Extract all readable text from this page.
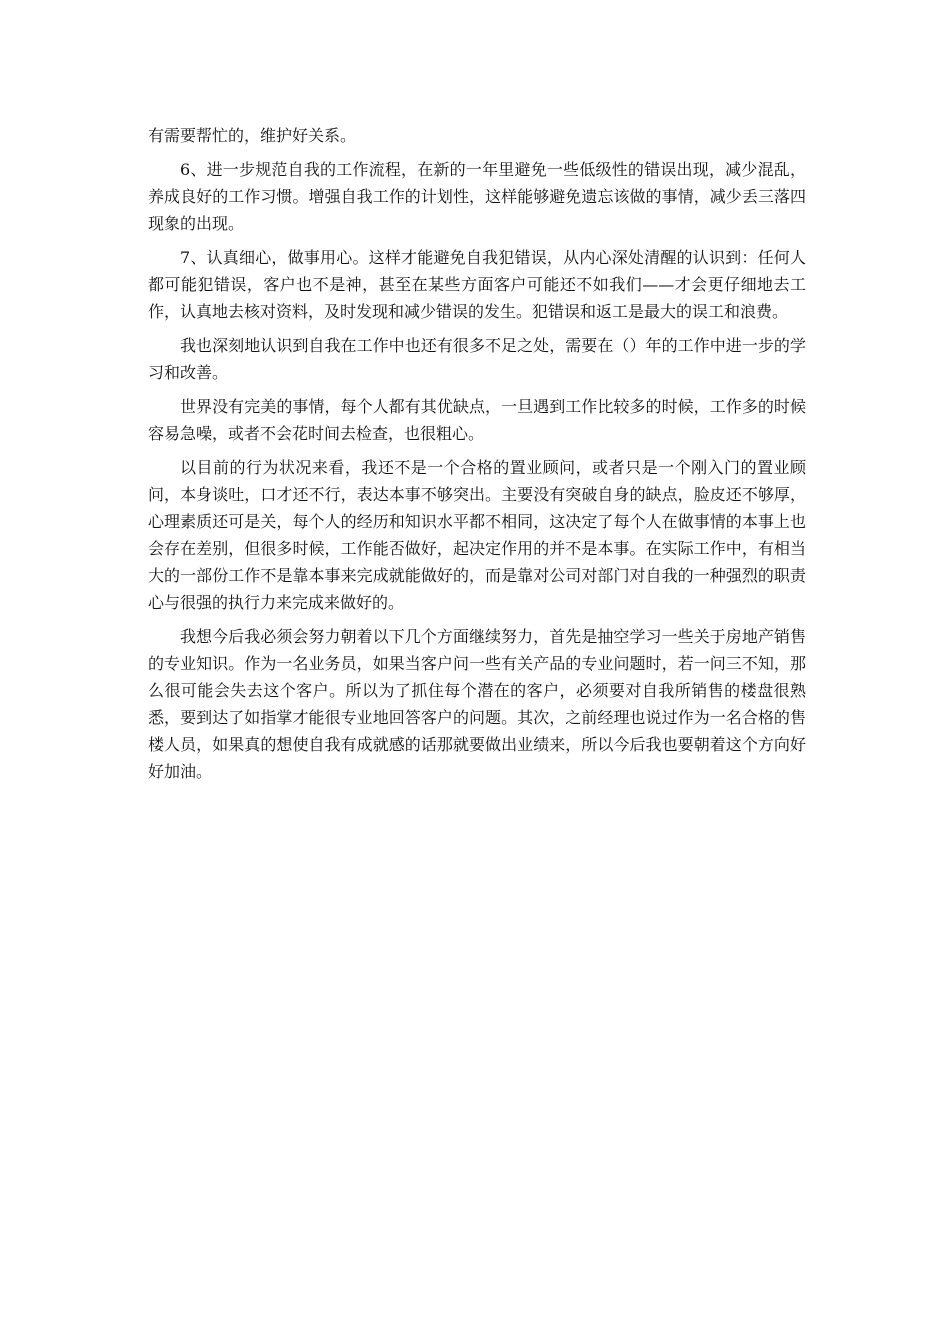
有需要帮忙的，维护好关系。

6、进一步规范自我的工作流程，在新的一年里避免一些低级性的错误出现，减少混乱，养成良好的工作习惯。增强自我工作的计划性，这样能够避免遗忘该做的事情，减少丢三落四现象的出现。

7、认真细心，做事用心。这样才能避免自我犯错误，从内心深处清醒的认识到：任何人都可能犯错误，客户也不是神，甚至在某些方面客户可能还不如我们——才会更仔细地去工作，认真地去核对资料，及时发现和减少错误的发生。犯错误和返工是最大的误工和浪费。

我也深刻地认识到自我在工作中也还有很多不足之处，需要在（）年的工作中进一步的学习和改善。

世界没有完美的事情，每个人都有其优缺点，一旦遇到工作比较多的时候，工作多的时候容易急噪，或者不会花时间去检查，也很粗心。

以目前的行为状况来看，我还不是一个合格的置业顾问，或者只是一个刚入门的置业顾问，本身谈吐，口才还不行，表达本事不够突出。主要没有突破自身的缺点，脸皮还不够厚，心理素质还可是关，每个人的经历和知识水平都不相同，这决定了每个人在做事情的本事上也会存在差别，但很多时候，工作能否做好，起决定作用的并不是本事。在实际工作中，有相当大的一部份工作不是靠本事来完成就能做好的，而是靠对公司对部门对自我的一种强烈的职责心与很强的执行力来完成来做好的。

我想今后我必须会努力朝着以下几个方面继续努力，首先是抽空学习一些关于房地产销售的专业知识。作为一名业务员，如果当客户问一些有关产品的专业问题时，若一问三不知，那么很可能会失去这个客户。所以为了抓住每个潜在的客户，必须要对自我所销售的楼盘很熟悉，要到达了如指掌才能很专业地回答客户的问题。其次，之前经理也说过作为一名合格的售楼人员，如果真的想使自我有成就感的话那就要做出业绩来，所以今后我也要朝着这个方向好好加油。
